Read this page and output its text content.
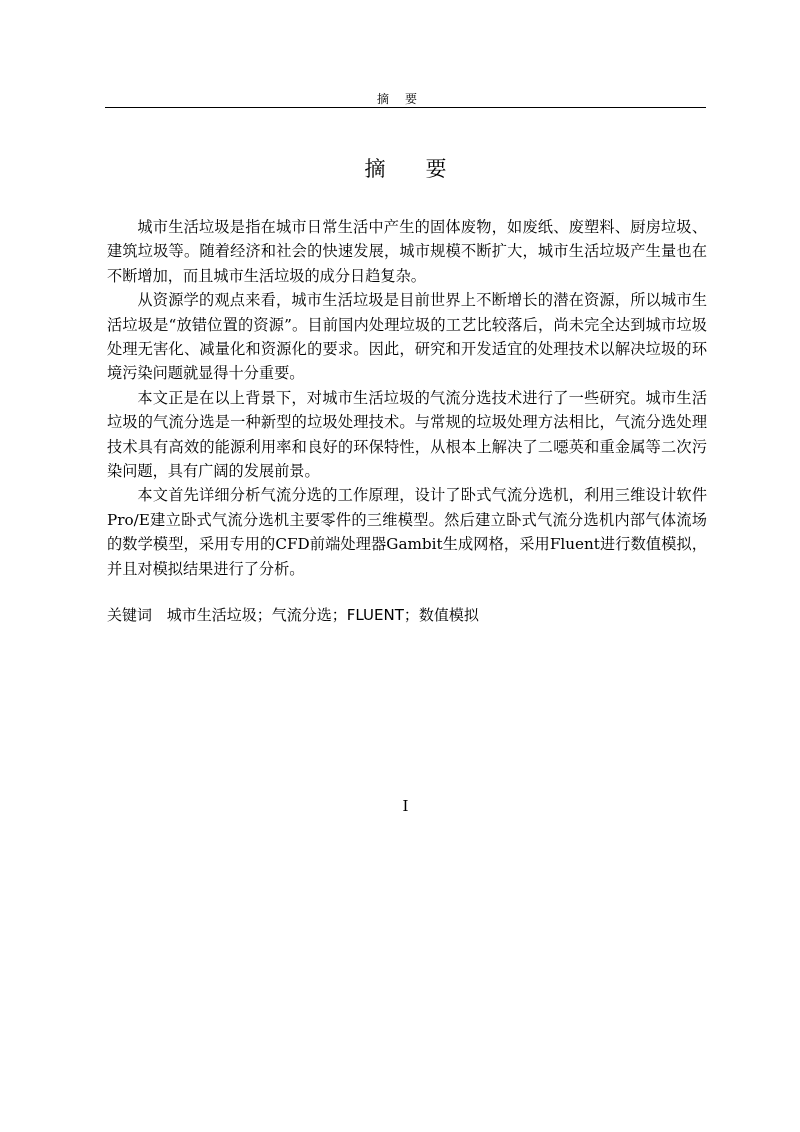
摘要
摘要

城市生活垃圾是指在城市日常生活中产生的固体废物，如废纸、废塑料、厨房垃圾、建筑垃圾等。随着经济和社会的快速发展，城市规模不断扩大，城市生活垃圾产生量也在不断增加，而且城市生活垃圾的成分日趋复杂。

从资源学的观点来看，城市生活垃圾是目前世界上不断增长的潜在资源，所以城市生活垃圾是“放错位置的资源”。目前国内处理垃圾的工艺比较落后，尚未完全达到城市垃圾处理无害化、减量化和资源化的要求。因此，研究和开发适宜的处理技术以解决垃圾的环境污染问题就显得十分重要。

本文正是在以上背景下，对城市生活垃圾的气流分选技术进行了一些研究。城市生活垃圾的气流分选是一种新型的垃圾处理技术。与常规的垃圾处理方法相比，气流分选处理技术具有高效的能源利用率和良好的环保特性，从根本上解决了二噁英和重金属等二次污染问题，具有广阔的发展前景。

本文首先详细分析气流分选的工作原理，设计了卧式气流分选机，利用三维设计软件Pro/E建立卧式气流分选机主要零件的三维模型。然后建立卧式气流分选机内部气体流场的数学模型，采用专用的CFD前端处理器Gambit生成网格，采用Fluent进行数值模拟，并且对模拟结果进行了分析。

关键词 城市生活垃圾；气流分选；FLUENT；数值模拟
I
